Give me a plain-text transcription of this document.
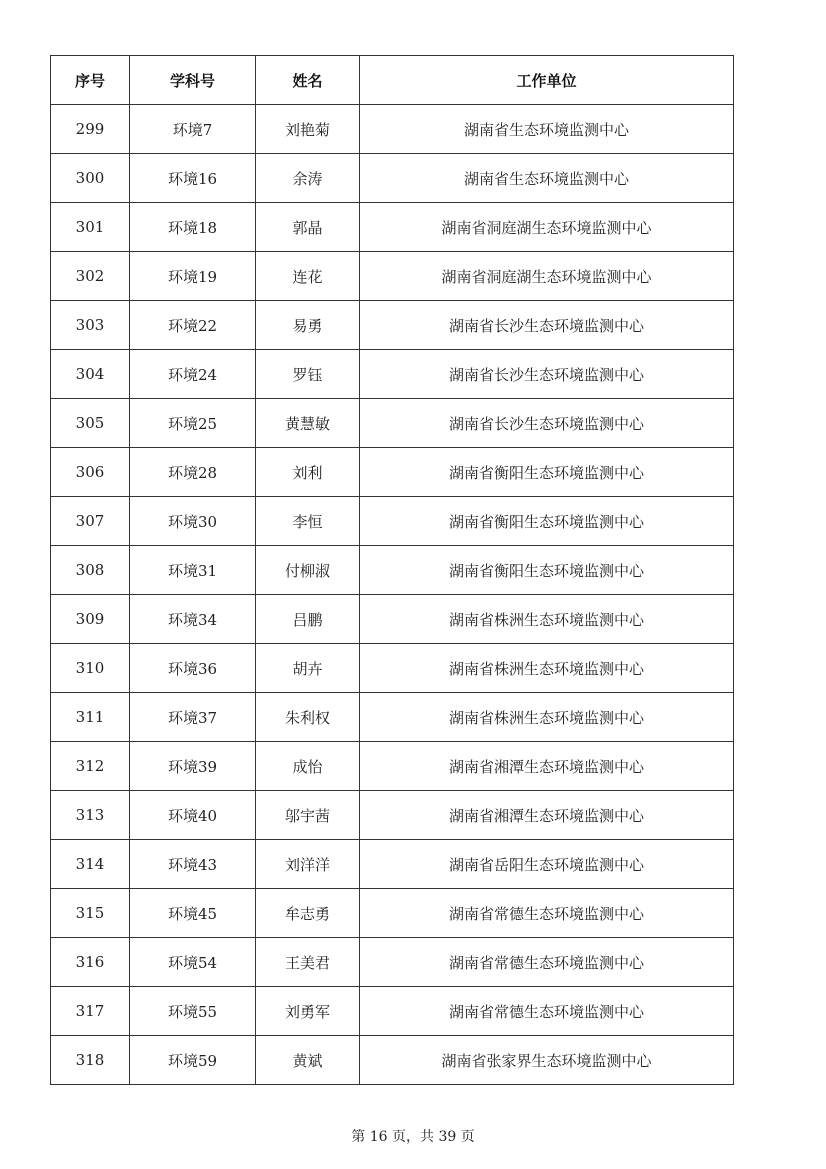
序号	学科号	姓名	工作单位
299	环境7	刘艳菊	湖南省生态环境监测中心
300	环境16	余涛	湖南省生态环境监测中心
301	环境18	郭晶	湖南省洞庭湖生态环境监测中心
302	环境19	连花	湖南省洞庭湖生态环境监测中心
303	环境22	易勇	湖南省长沙生态环境监测中心
304	环境24	罗钰	湖南省长沙生态环境监测中心
305	环境25	黄慧敏	湖南省长沙生态环境监测中心
306	环境28	刘利	湖南省衡阳生态环境监测中心
307	环境30	李恒	湖南省衡阳生态环境监测中心
308	环境31	付柳淑	湖南省衡阳生态环境监测中心
309	环境34	吕鹏	湖南省株洲生态环境监测中心
310	环境36	胡卉	湖南省株洲生态环境监测中心
311	环境37	朱利权	湖南省株洲生态环境监测中心
312	环境39	成怡	湖南省湘潭生态环境监测中心
313	环境40	邬宇茜	湖南省湘潭生态环境监测中心
314	环境43	刘洋洋	湖南省岳阳生态环境监测中心
315	环境45	牟志勇	湖南省常德生态环境监测中心
316	环境54	王美君	湖南省常德生态环境监测中心
317	环境55	刘勇军	湖南省常德生态环境监测中心
318	环境59	黄斌	湖南省张家界生态环境监测中心
第 16 页，共 39 页
